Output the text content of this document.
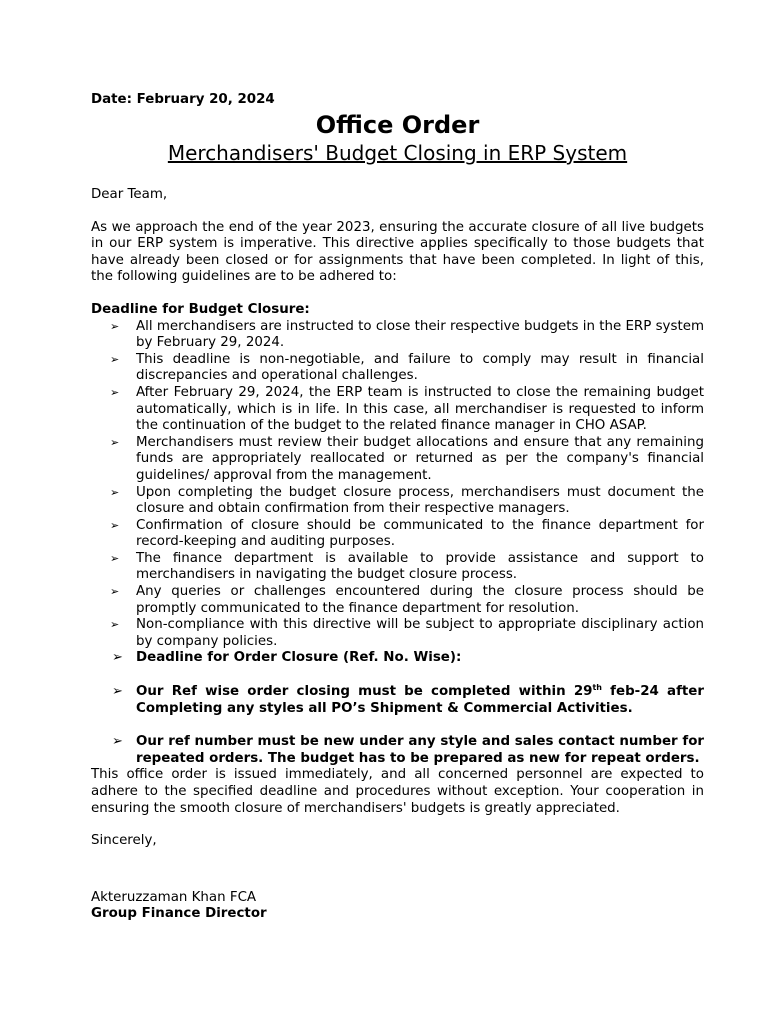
Date: February 20, 2024
Office Order
Merchandisers' Budget Closing in ERP System
Dear Team,
As we approach the end of the year 2023, ensuring the accurate closure of all live budgets in our ERP system is imperative. This directive applies specifically to those budgets that have already been closed or for assignments that have been completed. In light of this, the following guidelines are to be adhered to:
Deadline for Budget Closure:
➢ All merchandisers are instructed to close their respective budgets in the ERP system by February 29, 2024.
➢ This deadline is non-negotiable, and failure to comply may result in financial discrepancies and operational challenges.
➢ After February 29, 2024, the ERP team is instructed to close the remaining budget automatically, which is in life. In this case, all merchandiser is requested to inform the continuation of the budget to the related finance manager in CHO ASAP.
➢ Merchandisers must review their budget allocations and ensure that any remaining funds are appropriately reallocated or returned as per the company's financial guidelines/ approval from the management.
➢ Upon completing the budget closure process, merchandisers must document the closure and obtain confirmation from their respective managers.
➢ Confirmation of closure should be communicated to the finance department for record-keeping and auditing purposes.
➢ The finance department is available to provide assistance and support to merchandisers in navigating the budget closure process.
➢ Any queries or challenges encountered during the closure process should be promptly communicated to the finance department for resolution.
➢ Non-compliance with this directive will be subject to appropriate disciplinary action by company policies.
➢ Deadline for Order Closure (Ref. No. Wise):
➢ Our Ref wise order closing must be completed within 29th feb-24 after Completing any styles all PO’s Shipment & Commercial Activities.
➢ Our ref number must be new under any style and sales contact number for repeated orders. The budget has to be prepared as new for repeat orders.
This office order is issued immediately, and all concerned personnel are expected to adhere to the specified deadline and procedures without exception. Your cooperation in ensuring the smooth closure of merchandisers' budgets is greatly appreciated.
Sincerely,
Akteruzzaman Khan FCA
Group Finance Director
